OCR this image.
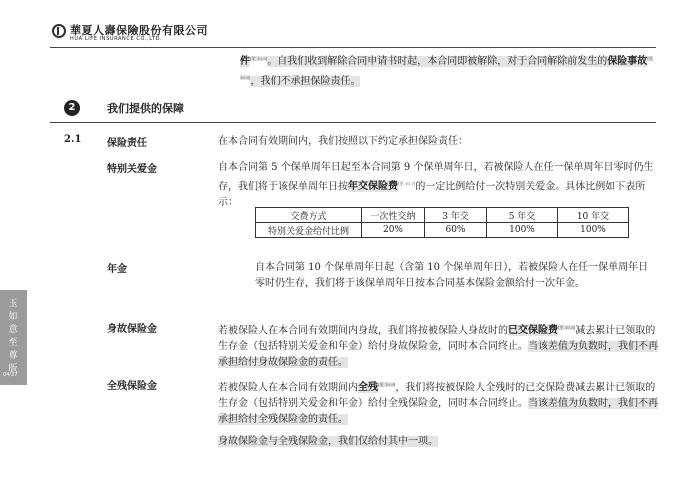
華夏人壽保險股份有限公司
HUA LIFE INSURANCE CO.,LTD.
玉如意至尊版
04/37
件[见 10.5]。自我们收到解除合同申请书时起，本合同即被解除，对于合同解除前发生的保险事故[见 10.6]，我们不承担保险责任。
2	我们提供的保障
2.1	保险责任	在本合同有效期间内，我们按照以下约定承担保险责任：
特别关爱金	自本合同第 5 个保单周年日起至本合同第 9 个保单周年日，若被保险人在任一保单周年日零时仍生存，我们将于该保单周年日按年交保险费[见 10.7]的一定比例给付一次特别关爱金。具体比例如下表所示：
交费方式	一次性交纳	3 年交	5 年交	10 年交
特别关爱金给付比例	20%	60%	100%	100%
年金	自本合同第 10 个保单周年日起（含第 10 个保单周年日），若被保险人在任一保单周年日零时仍生存，我们将于该保单周年日按本合同基本保险金额给付一次年金。
身故保险金	若被保险人在本合同有效期间内身故，我们将按被保险人身故时的已交保险费[见 10.8]减去累计已领取的生存金（包括特别关爱金和年金）给付身故保险金，同时本合同终止。当该差值为负数时，我们不再承担给付身故保险金的责任。
全残保险金	若被保险人在本合同有效期间内全残[见 10.9]，我们将按被保险人全残时的已交保险费减去累计已领取的生存金（包括特别关爱金和年金）给付全残保险金，同时本合同终止。当该差值为负数时，我们不再承担给付全残保险金的责任。
身故保险金与全残保险金，我们仅给付其中一项。
